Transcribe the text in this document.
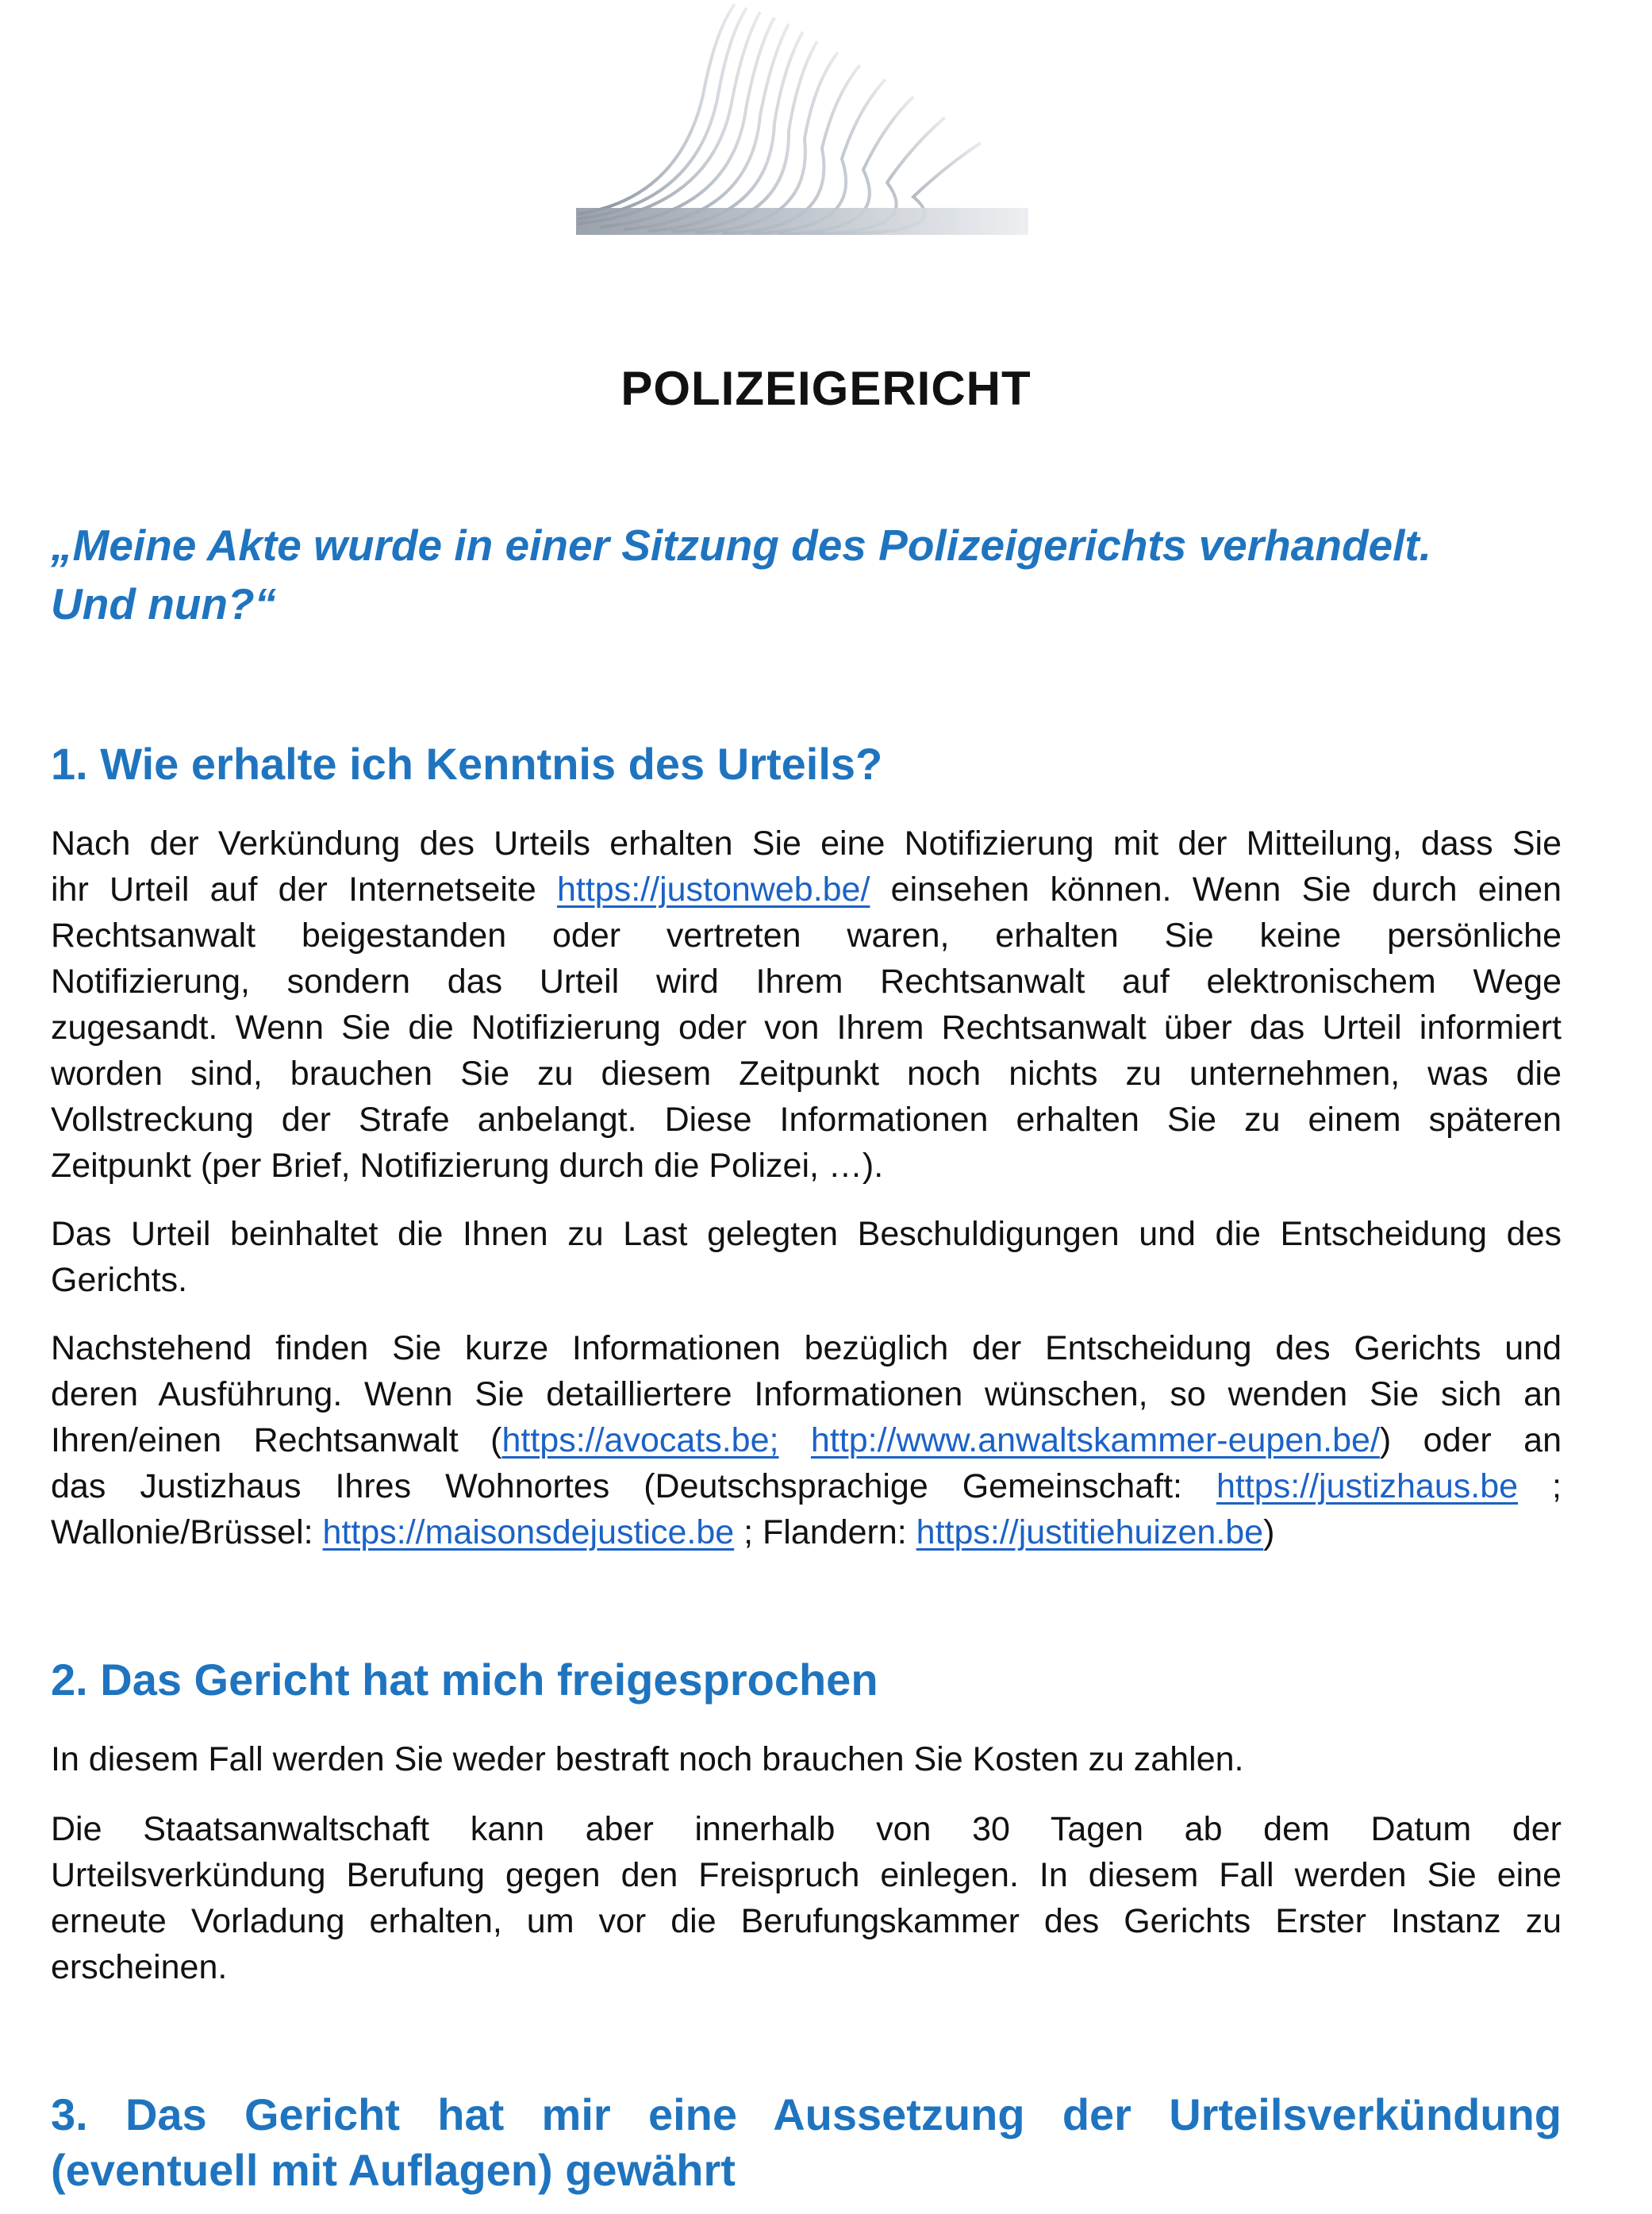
POLIZEIGERICHT
„Meine Akte wurde in einer Sitzung des Polizeigerichts verhandelt.
Und nun?“
1. Wie erhalte ich Kenntnis des Urteils?
Nach der Verkündung des Urteils erhalten Sie eine Notifizierung mit der Mitteilung, dass Sie
ihr Urteil auf der Internetseite https://justonweb.be/ einsehen können. Wenn Sie durch einen
Rechtsanwalt beigestanden oder vertreten waren, erhalten Sie keine persönliche
Notifizierung, sondern das Urteil wird Ihrem Rechtsanwalt auf elektronischem Wege
zugesandt. Wenn Sie die Notifizierung oder von Ihrem Rechtsanwalt über das Urteil informiert
worden sind, brauchen Sie zu diesem Zeitpunkt noch nichts zu unternehmen, was die
Vollstreckung der Strafe anbelangt. Diese Informationen erhalten Sie zu einem späteren
Zeitpunkt (per Brief, Notifizierung durch die Polizei, …).
Das Urteil beinhaltet die Ihnen zu Last gelegten Beschuldigungen und die Entscheidung des
Gerichts.
Nachstehend finden Sie kurze Informationen bezüglich der Entscheidung des Gerichts und
deren Ausführung. Wenn Sie detailliertere Informationen wünschen, so wenden Sie sich an
Ihren/einen Rechtsanwalt (https://avocats.be; http://www.anwaltskammer-eupen.be/) oder an
das Justizhaus Ihres Wohnortes (Deutschsprachige Gemeinschaft: https://justizhaus.be ;
Wallonie/Brüssel: https://maisonsdejustice.be ; Flandern: https://justitiehuizen.be)
2. Das Gericht hat mich freigesprochen
In diesem Fall werden Sie weder bestraft noch brauchen Sie Kosten zu zahlen.
Die Staatsanwaltschaft kann aber innerhalb von 30 Tagen ab dem Datum der
Urteilsverkündung Berufung gegen den Freispruch einlegen. In diesem Fall werden Sie eine
erneute Vorladung erhalten, um vor die Berufungskammer des Gerichts Erster Instanz zu
erscheinen.
3. Das Gericht hat mir eine Aussetzung der Urteilsverkündung
(eventuell mit Auflagen) gewährt
